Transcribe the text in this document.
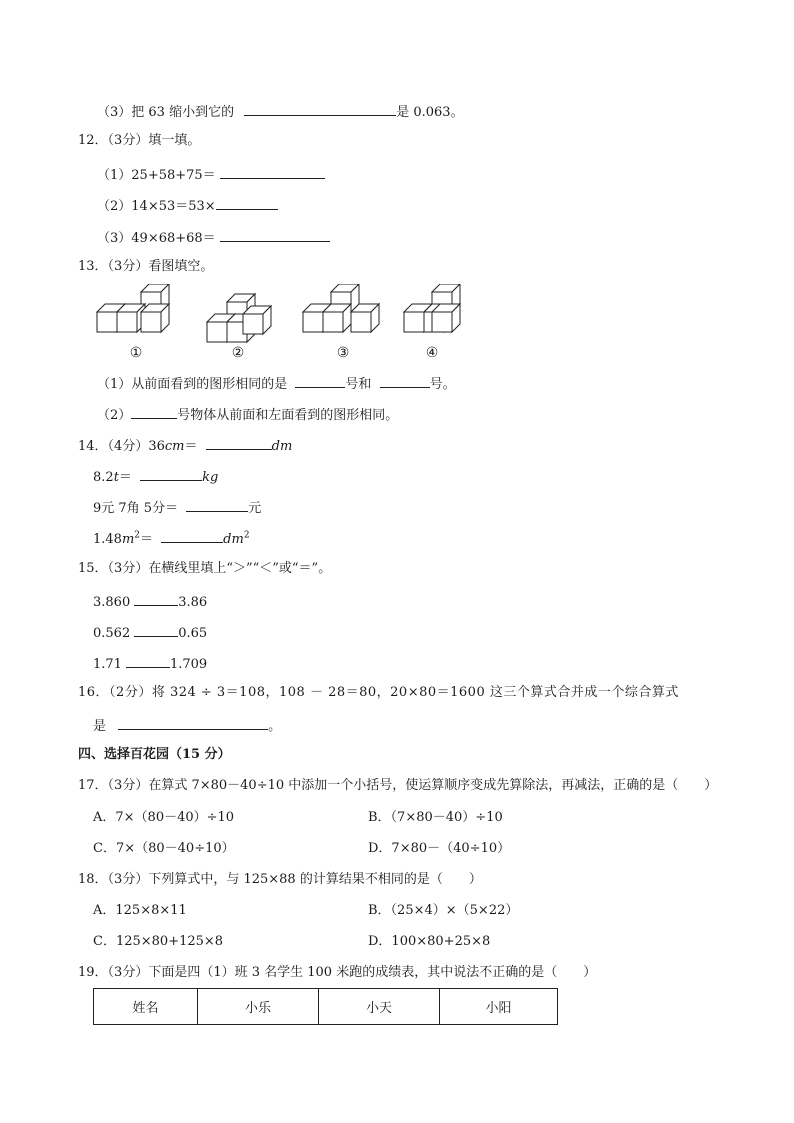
（3）把 63 缩小到它的	是 0.063。
12．（3分）填一填。
（1）25+58+75＝
（2）14×53＝53×
（3）49×68+68＝
13．（3分）看图填空。
①	②	③	④
（1）从前面看到的图形相同的是	号和	号。
（2）	号物体从前面和左面看到的图形相同。
14．（4分）36cm＝	dm
8.2t＝	kg
9元 7角 5分＝	元
$1.48m^2=$	$dm^2$
15．（3分）在横线里填上“＞”“＜”或“＝”。
3.860	3.86
0.562	0.65
1.71	1.709
16．（2分）将 324 ÷ 3＝108，108 － 28＝80，20×80＝1600 这三个算式合并成一个综合算式
是	。
四、选择百花园（15 分）
17．（3分）在算式 7×80－40÷10 中添加一个小括号，使运算顺序变成先算除法，再减法，正确的是（　　）
A．7×（80－40）÷10	B．（7×80－40）÷10
C．7×（80－40÷10）	D．7×80－（40÷10）
18．（3分）下列算式中，与 125×88 的计算结果不相同的是（　　）
A．125×8×11	B．（25×4）×（5×22）
C．125×80+125×8	D．100×80+25×8
19．（3分）下面是四（1）班 3 名学生 100 米跑的成绩表，其中说法不正确的是（　　）
姓名	小乐	小天	小阳
